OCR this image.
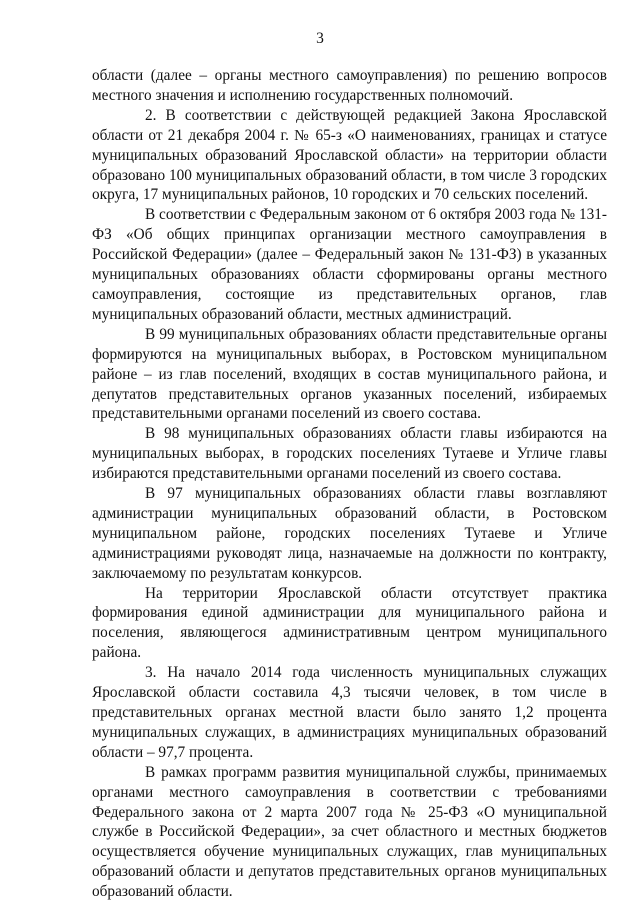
3

области (далее – органы местного самоуправления) по решению вопросов местного значения и исполнению государственных полномочий.

2. В соответствии с действующей редакцией Закона Ярославской области от 21 декабря 2004 г. № 65-з «О наименованиях, границах и статусе муниципальных образований Ярославской области» на территории области образовано 100 муниципальных образований области, в том числе 3 городских округа, 17 муниципальных районов, 10 городских и 70 сельских поселений.

В соответствии с Федеральным законом от 6 октября 2003 года № 131-ФЗ «Об общих принципах организации местного самоуправления в Российской Федерации» (далее – Федеральный закон № 131-ФЗ) в указанных муниципальных образованиях области сформированы органы местного самоуправления, состоящие из представительных органов, глав муниципальных образований области, местных администраций.

В 99 муниципальных образованиях области представительные органы формируются на муниципальных выборах, в Ростовском муниципальном районе – из глав поселений, входящих в состав муниципального района, и депутатов представительных органов указанных поселений, избираемых представительными органами поселений из своего состава.

В 98 муниципальных образованиях области главы избираются на муниципальных выборах, в городских поселениях Тутаеве и Угличе главы избираются представительными органами поселений из своего состава.

В 97 муниципальных образованиях области главы возглавляют администрации муниципальных образований области, в Ростовском муниципальном районе, городских поселениях Тутаеве и Угличе администрациями руководят лица, назначаемые на должности по контракту, заключаемому по результатам конкурсов.

На территории Ярославской области отсутствует практика формирования единой администрации для муниципального района и поселения, являющегося административным центром муниципального района.

3. На начало 2014 года численность муниципальных служащих Ярославской области составила 4,3 тысячи человек, в том числе в представительных органах местной власти было занято 1,2 процента муниципальных служащих, в администрациях муниципальных образований области – 97,7 процента.

В рамках программ развития муниципальной службы, принимаемых органами местного самоуправления в соответствии с требованиями Федерального закона от 2 марта 2007 года № 25-ФЗ «О муниципальной службе в Российской Федерации», за счет областного и местных бюджетов осуществляется обучение муниципальных служащих, глав муниципальных образований области и депутатов представительных органов муниципальных образований области.
